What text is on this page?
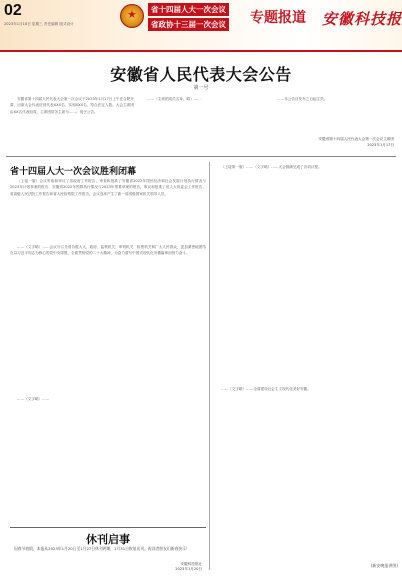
02
2023年1月18日 星期三 责任编辑 版式设计
★
省十四届人大一次会议
省政协十三届一次会议 专题报道 安徽科技报
安徽省人民代表大会公告
第一号

安徽省第十四届人民代表大会第一次会议于2023年1月17日上午在合肥开幕，出席大会代表应到代表XXX名，实到XXX名，符合法定人数。大会主席团由XX名代表组成，主席团常务主席为……。现予公告。

……（主席团成员名单，略）……	……本公告自发布之日起生效。

安徽省第十四届人民代表大会第一次会议主席团
2023年1月17日
省十四届人大一次会议胜利闭幕

（上接一版）会议听取和审议了省政府工作报告，审查和批准了安徽省2022年国民经济和社会发展计划执行情况与2023年计划草案的报告、安徽省2022年预算执行情况与2023年预算草案的报告，审议和批准了省人大常委会工作报告、省高级人民法院工作报告和省人民检察院工作报告。会议选举产生了新一届省级国家机关领导人员。

……（文字略）……会议号召全省各级人大、政府、监察机关、审判机关、检察机关和广大人民群众，更加紧密地团结在以习近平同志为核心的党中央周围，全面贯彻党的二十大精神，为奋力谱写中国式现代化安徽篇章而努力奋斗。

……（文字略）……

（上接第一版）……（文字略）……大会圆满完成了各项议程。

……（文字略）……全面建设社会主义现代化美好安徽。

(新安晚报供图)
休刊启事
因春节放假，本报从2023年1月20日至1月27日休刊两期，1月31日恢复出刊。祝读者朋友们新春快乐！
安徽科技报社
2023年1月20日
